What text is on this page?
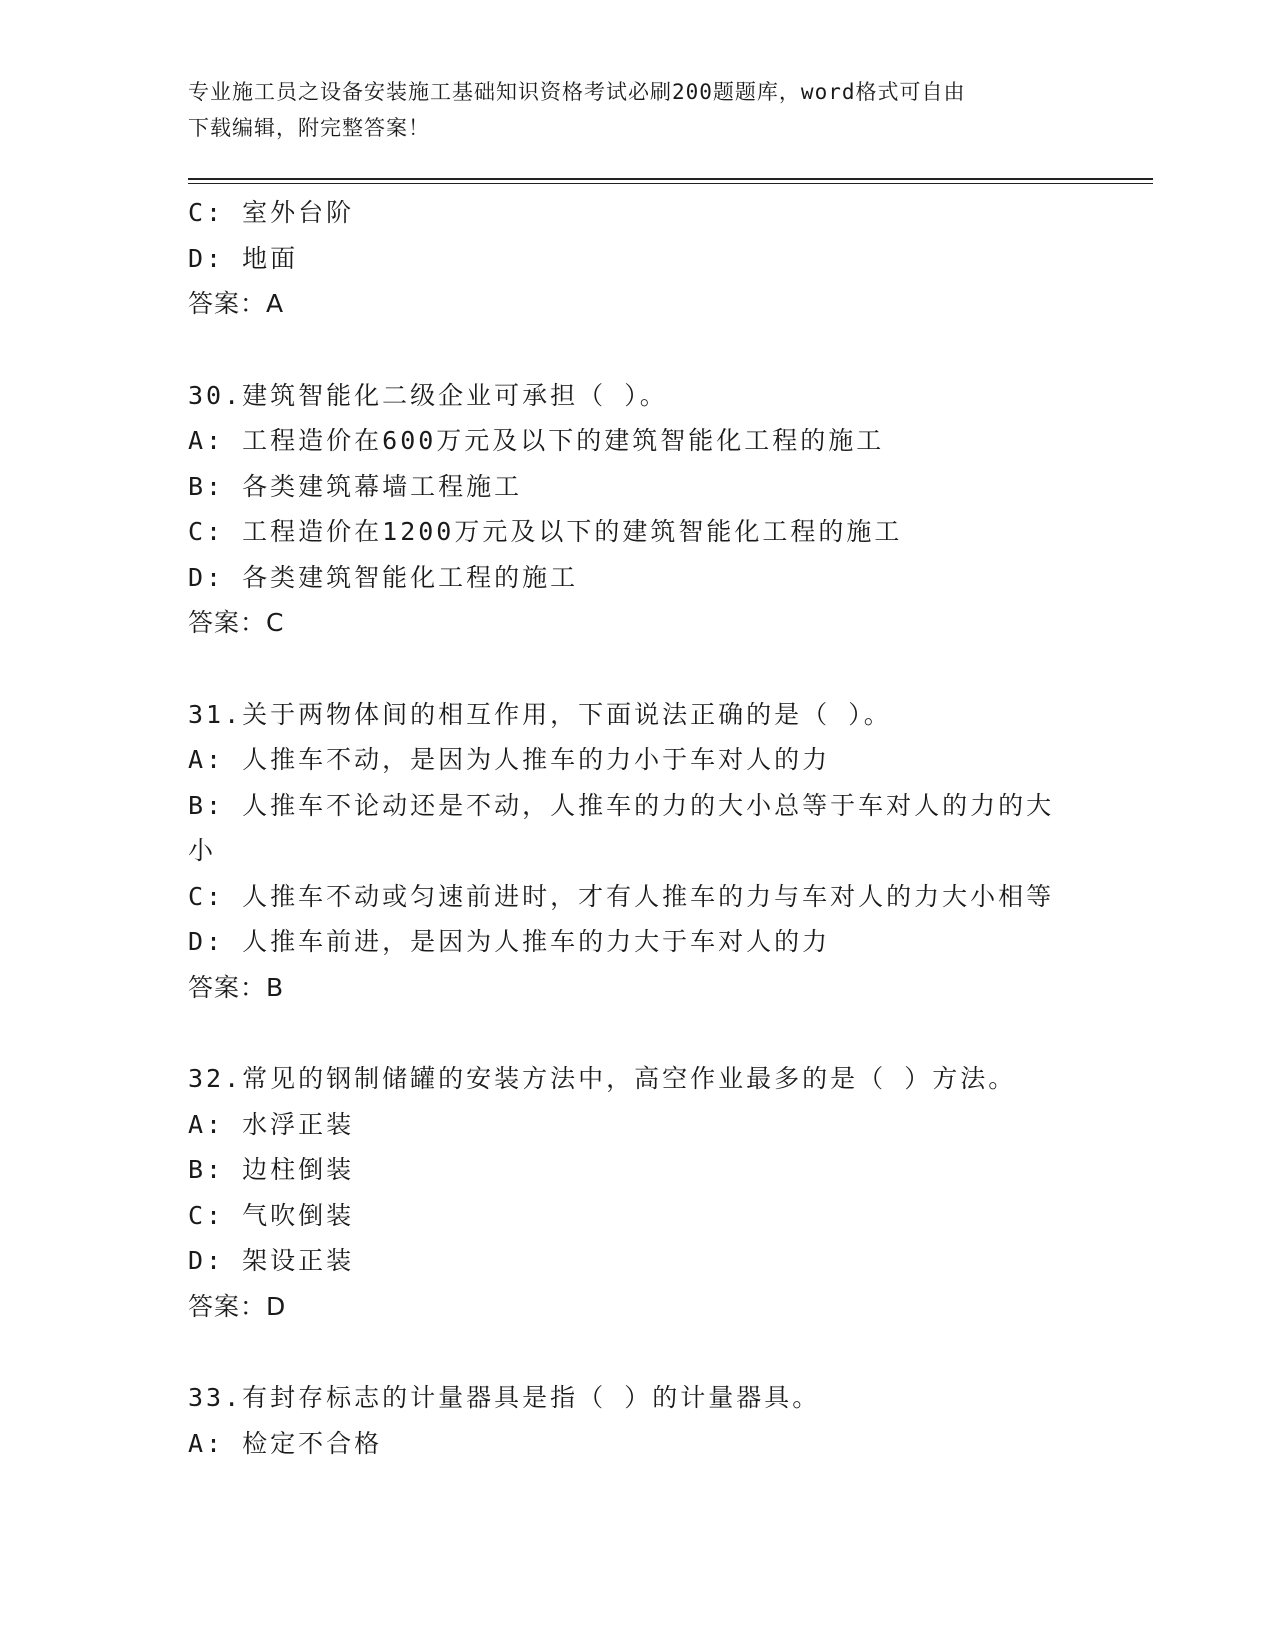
专业施工员之设备安装施工基础知识资格考试必刷200题题库，word格式可自由
下载编辑，附完整答案！
C: 室外台阶
D: 地面
答案：A
30.建筑智能化二级企业可承担（ ）。
A: 工程造价在600万元及以下的建筑智能化工程的施工
B: 各类建筑幕墙工程施工
C: 工程造价在1200万元及以下的建筑智能化工程的施工
D: 各类建筑智能化工程的施工
答案：C
31.关于两物体间的相互作用，下面说法正确的是（ ）。
A: 人推车不动，是因为人推车的力小于车对人的力
B: 人推车不论动还是不动，人推车的力的大小总等于车对人的力的大
小
C: 人推车不动或匀速前进时，才有人推车的力与车对人的力大小相等
D: 人推车前进，是因为人推车的力大于车对人的力
答案：B
32.常见的钢制储罐的安装方法中，高空作业最多的是（ ）方法。
A: 水浮正装
B: 边柱倒装
C: 气吹倒装
D: 架设正装
答案：D
33.有封存标志的计量器具是指（ ）的计量器具。
A: 检定不合格
